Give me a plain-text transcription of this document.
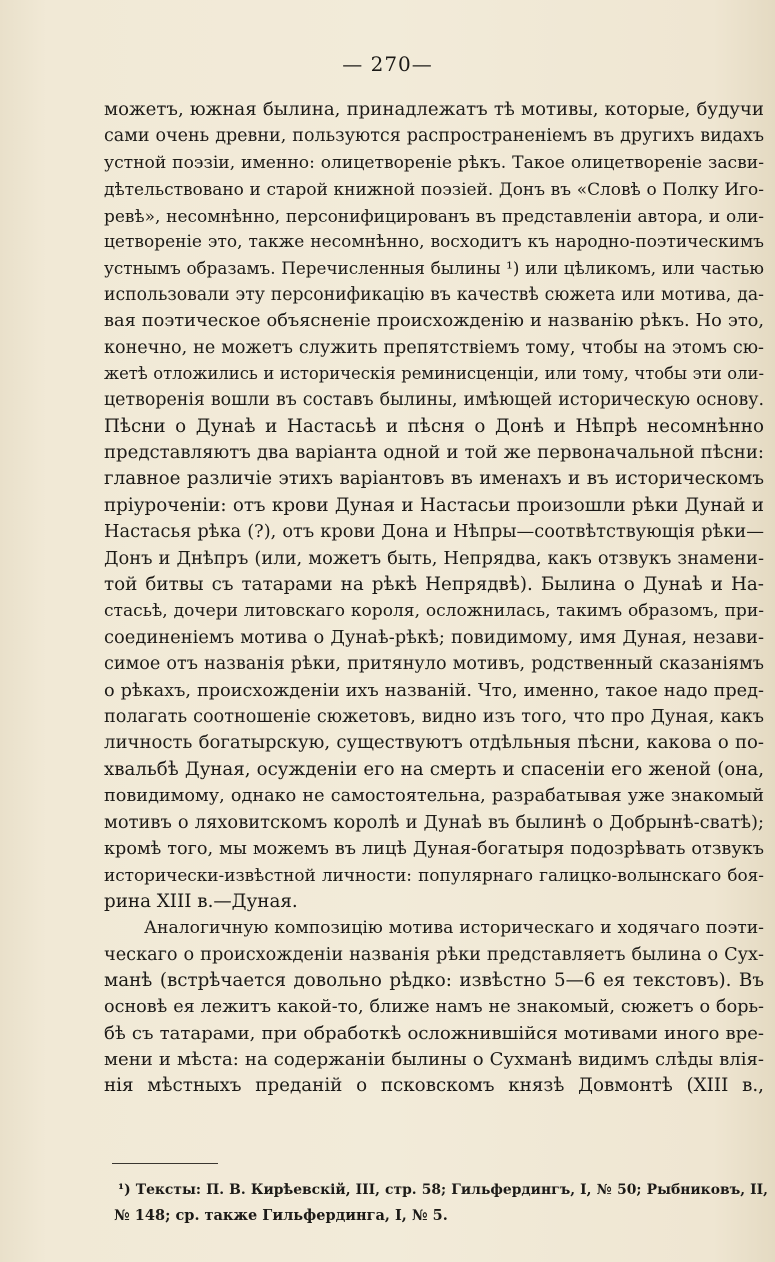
— 270—
можетъ, южная былина, принадлежатъ тѣ мотивы, которые, будучи
сами очень древни, пользуются распространеніемъ въ другихъ видахъ
устной поэзіи, именно: олицетвореніе рѣкъ. Такое олицетвореніе засви-
дѣтельствовано и старой книжной поэзіей. Донъ въ «Словѣ о Полку Иго-
ревѣ», несомнѣнно, персонифицированъ въ представленіи автора, и оли-
цетвореніе это, также несомнѣнно, восходитъ къ народно-поэтическимъ
устнымъ образамъ. Перечисленныя былины ¹) или цѣликомъ, или частью
использовали эту персонификацію въ качествѣ сюжета или мотива, да-
вая поэтическое объясненіе происхожденію и названію рѣкъ. Но это,
конечно, не можетъ служить препятствіемъ тому, чтобы на этомъ сю-
жетѣ отложились и историческія реминисценціи, или тому, чтобы эти оли-
цетворенія вошли въ составъ былины, имѣющей историческую основу.
Пѣсни о Дунаѣ и Настасьѣ и пѣсня о Донѣ и Нѣпрѣ несомнѣнно
представляютъ два варіанта одной и той же первоначальной пѣсни:
главное различіе этихъ варіантовъ въ именахъ и въ историческомъ
пріуроченіи: отъ крови Дуная и Настасьи произошли рѣки Дунай и
Настасья рѣка (?), отъ крови Дона и Нѣпры—соотвѣтствующія рѣки—
Донъ и Днѣпръ (или, можетъ быть, Непрядва, какъ отзвукъ знамени-
той битвы съ татарами на рѣкѣ Непрядвѣ). Былина о Дунаѣ и На-
стасьѣ, дочери литовскаго короля, осложнилась, такимъ образомъ, при-
соединеніемъ мотива о Дунаѣ-рѣкѣ; повидимому, имя Дуная, незави-
симое отъ названія рѣки, притянуло мотивъ, родственный сказаніямъ
о рѣкахъ, происхожденіи ихъ названій. Что, именно, такое надо пред-
полагать соотношеніе сюжетовъ, видно изъ того, что про Дуная, какъ
личность богатырскую, существуютъ отдѣльныя пѣсни, какова о по-
хвальбѣ Дуная, осужденіи его на смерть и спасеніи его женой (она,
повидимому, однако не самостоятельна, разрабатывая уже знакомый
мотивъ о ляховитскомъ королѣ и Дунаѣ въ былинѣ о Добрынѣ-сватѣ);
кромѣ того, мы можемъ въ лицѣ Дуная-богатыря подозрѣвать отзвукъ
исторически-извѣстной личности: популярнаго галицко-волынскаго боя-
рина XIII в.—Дуная.
Аналогичную композицію мотива историческаго и ходячаго поэти-
ческаго о происхожденіи названія рѣки представляетъ былина о Сух-
манѣ (встрѣчается довольно рѣдко: извѣстно 5—6 ея текстовъ). Въ
основѣ ея лежитъ какой-то, ближе намъ не знакомый, сюжетъ о борь-
бѣ съ татарами, при обработкѣ осложнившійся мотивами иного вре-
мени и мѣста: на содержаніи былины о Сухманѣ видимъ слѣды влія-
нія мѣстныхъ преданій о псковскомъ князѣ Довмонтѣ (XIII в.,
¹) Тексты: П. В. Кирѣевскій, III, стр. 58; Гильфердингъ, I, № 50; Рыбниковъ, II,
№ 148; ср. также Гильфердинга, I, № 5.
